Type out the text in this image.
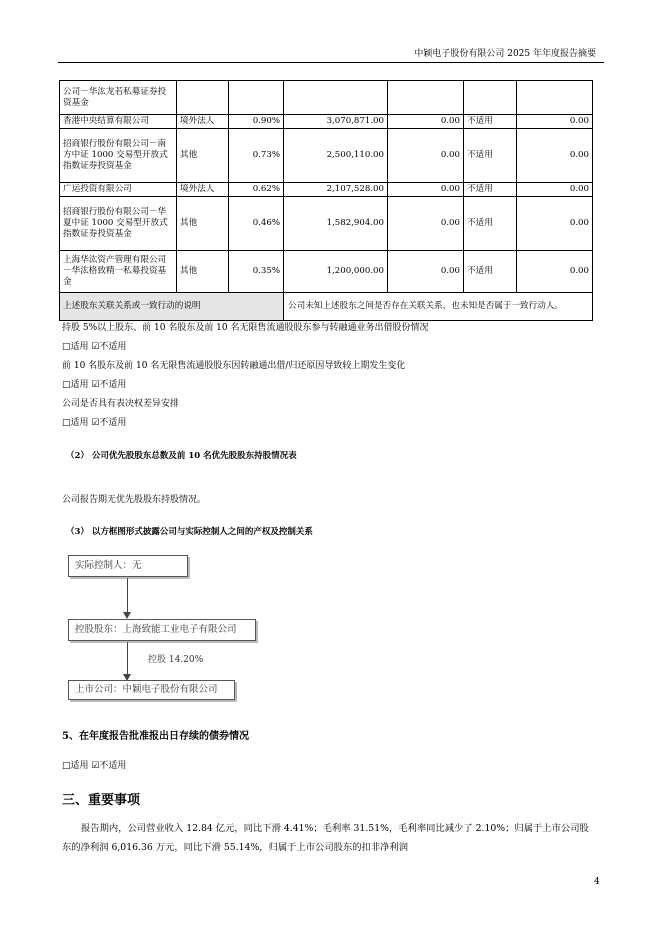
中颖电子股份有限公司 2025 年年度报告摘要
公司－华汯龙若私募证券投资基金						
香港中央结算有限公司	境外法人	0.90%	3,070,871.00	0.00	不适用	0.00
招商银行股份有限公司－南方中证 1000 交易型开放式指数证券投资基金	其他	0.73%	2,500,110.00	0.00	不适用	0.00
广运投资有限公司	境外法人	0.62%	2,107,528.00	0.00	不适用	0.00
招商银行股份有限公司－华夏中证 1000 交易型开放式指数证券投资基金	其他	0.46%	1,582,904.00	0.00	不适用	0.00
上海华汯资产管理有限公司－华汯格致精一私募投资基金	其他	0.35%	1,200,000.00	0.00	不适用	0.00
上述股东关联关系或一致行动的说明			公司未知上述股东之间是否存在关联关系，也未知是否属于一致行动人。			
持股 5%以上股东、前 10 名股东及前 10 名无限售流通股股东参与转融通业务出借股份情况
□适用 ☑不适用
前 10 名股东及前 10 名无限售流通股股东因转融通出借/归还原因导致较上期发生变化
□适用 ☑不适用
公司是否具有表决权差异安排
□适用 ☑不适用
（2） 公司优先股股东总数及前 10 名优先股股东持股情况表
公司报告期无优先股股东持股情况。
（3） 以方框图形式披露公司与实际控制人之间的产权及控制关系
实际控制人：无
控股股东：上海致能工业电子有限公司
控股 14.20%
上市公司：中颖电子股份有限公司
5、在年度报告批准报出日存续的债券情况
□适用 ☑不适用
三、重要事项
报告期内，公司营业收入 12.84 亿元，同比下滑 4.41%；毛利率 31.51%，毛利率同比减少了 2.10%；归属于上市公司股东的净利润 6,016.36 万元，同比下滑 55.14%，归属于上市公司股东的扣非净利润
4
